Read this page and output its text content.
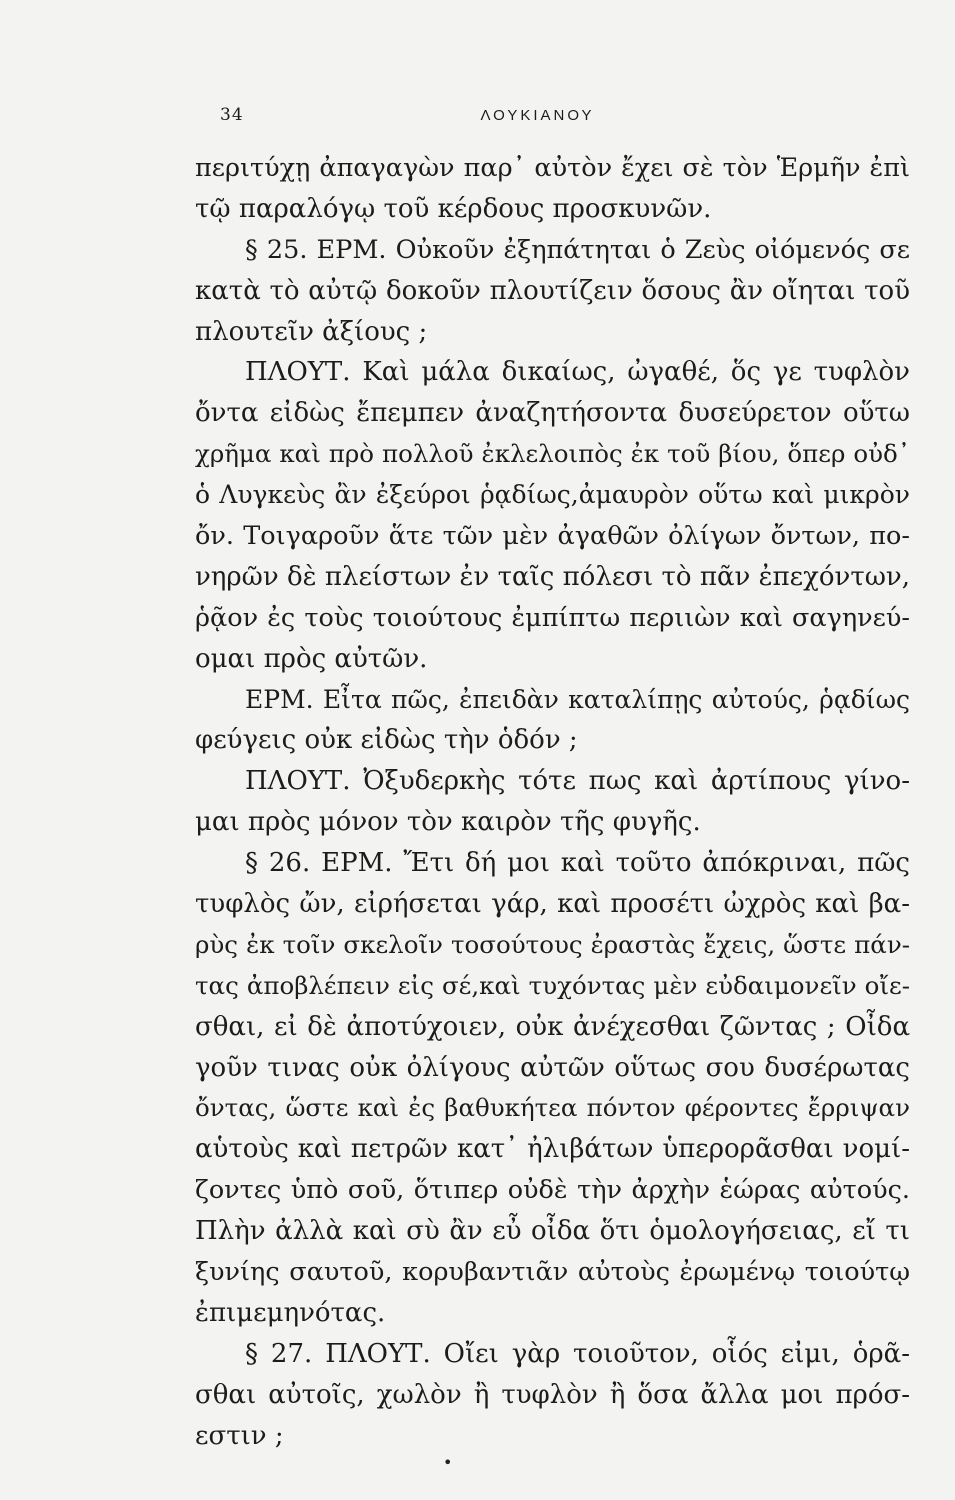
34	ΛΟΥΚΙΑΝΟΥ
περιτύχῃ ἀπαγαγὼν παρ᾽ αὐτὸν ἔχει σὲ τὸν Ἑρμῆν ἐπὶ
τῷ παραλόγῳ τοῦ κέρδους προσκυνῶν.
§ 25. ΕΡΜ. Οὐκοῦν ἐξηπάτηται ὁ Ζεὺς οἰόμενός σε
κατὰ τὸ αὐτῷ δοκοῦν πλουτίζειν ὅσους ἂν οἴηται τοῦ
πλουτεῖν ἀξίους ;
ΠΛΟΥΤ. Καὶ μάλα δικαίως, ὠγαθέ, ὅς γε τυφλὸν
ὄντα εἰδὼς ἔπεμπεν ἀναζητήσοντα δυσεύρετον οὕτω
χρῆμα καὶ πρὸ πολλοῦ ἐκλελοιπὸς ἐκ τοῦ βίου, ὅπερ οὐδ᾽
ὁ Λυγκεὺς ἂν ἐξεύροι ῥᾳδίως,ἀμαυρὸν οὕτω καὶ μικρὸν
ὄν. Τοιγαροῦν ἅτε τῶν μὲν ἀγαθῶν ὀλίγων ὄντων, πο-
νηρῶν δὲ πλείστων ἐν ταῖς πόλεσι τὸ πᾶν ἐπεχόντων,
ῥᾷον ἐς τοὺς τοιούτους ἐμπίπτω περιιὼν καὶ σαγηνεύ-
ομαι πρὸς αὐτῶν.
ΕΡΜ. Εἶτα πῶς, ἐπειδὰν καταλίπῃς αὐτούς, ῥᾳδίως
φεύγεις οὐκ εἰδὼς τὴν ὁδόν ;
ΠΛΟΥΤ. Ὀξυδερκὴς τότε πως καὶ ἀρτίπους γίνο-
μαι πρὸς μόνον τὸν καιρὸν τῆς φυγῆς.
§ 26. ΕΡΜ. Ἔτι δή μοι καὶ τοῦτο ἀπόκριναι, πῶς
τυφλὸς ὤν, εἰρήσεται γάρ, καὶ προσέτι ὠχρὸς καὶ βα-
ρὺς ἐκ τοῖν σκελοῖν τοσούτους ἐραστὰς ἔχεις, ὥστε πάν-
τας ἀποβλέπειν εἰς σέ,καὶ τυχόντας μὲν εὐδαιμονεῖν οἴε-
σθαι, εἰ δὲ ἀποτύχοιεν, οὐκ ἀνέχεσθαι ζῶντας ; Οἶδα
γοῦν τινας οὐκ ὀλίγους αὐτῶν οὕτως σου δυσέρωτας
ὄντας, ὥστε καὶ ἐς βαθυκήτεα πόντον φέροντες ἔρριψαν
αὑτοὺς καὶ πετρῶν κατ᾽ ἠλιβάτων ὑπερορᾶσθαι νομί-
ζοντες ὑπὸ σοῦ, ὅτιπερ οὐδὲ τὴν ἀρχὴν ἑώρας αὐτούς.
Πλὴν ἀλλὰ καὶ σὺ ἂν εὖ οἶδα ὅτι ὁμολογήσειας, εἴ τι
ξυνίης σαυτοῦ, κορυβαντιᾶν αὐτοὺς ἐρωμένῳ τοιούτῳ
ἐπιμεμηνότας.
§ 27. ΠΛΟΥΤ. Οἴει γὰρ τοιοῦτον, οἷός εἰμι, ὁρᾶ-
σθαι αὐτοῖς, χωλὸν ἢ τυφλὸν ἢ ὅσα ἄλλα μοι πρόσ-
εστιν ;
•
